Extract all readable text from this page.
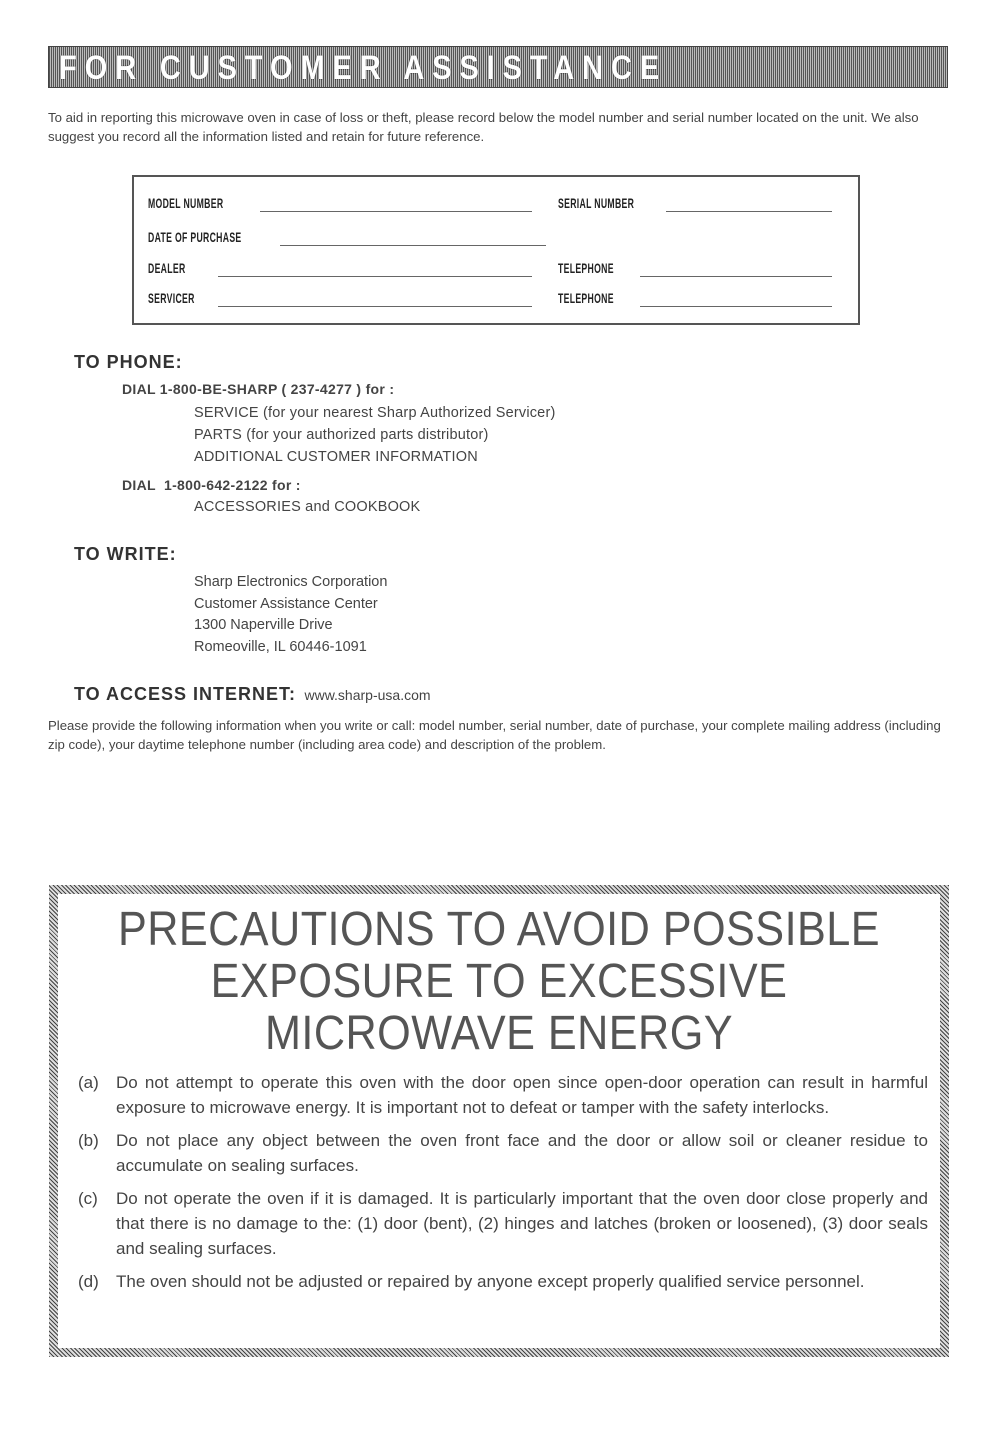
FOR CUSTOMER ASSISTANCE
To aid in reporting this microwave oven in case of loss or theft, please record below the model number and serial number located on the unit. We also suggest you record all the information listed and retain for future reference.
MODEL NUMBER	SERIAL NUMBER
DATE OF PURCHASE
DEALER	TELEPHONE
SERVICER	TELEPHONE
TO PHONE:
DIAL 1-800-BE-SHARP ( 237-4277 ) for :
SERVICE (for your nearest Sharp Authorized Servicer)
PARTS (for your authorized parts distributor)
ADDITIONAL CUSTOMER INFORMATION
DIAL  1-800-642-2122 for :
ACCESSORIES and COOKBOOK
TO WRITE:
Sharp Electronics Corporation
Customer Assistance Center
1300 Naperville Drive
Romeoville, IL 60446-1091
TO ACCESS INTERNET: www.sharp-usa.com
Please provide the following information when you write or call: model number, serial number, date of purchase, your complete mailing address (including zip code), your daytime telephone number (including area code) and description of the problem.
PRECAUTIONS TO AVOID POSSIBLE
EXPOSURE TO EXCESSIVE
MICROWAVE ENERGY
(a)	Do not attempt to operate this oven with the door open since open-door operation can result in harmful exposure to microwave energy. It is important not to defeat or tamper with the safety interlocks.
(b)	Do not place any object between the oven front face and the door or allow soil or cleaner residue to accumulate on sealing surfaces.
(c)	Do not operate the oven if it is damaged. It is particularly important that the oven door close properly and that there is no damage to the: (1) door (bent), (2) hinges and latches (broken or loosened), (3) door seals and sealing surfaces.
(d)	The oven should not be adjusted or repaired by anyone except properly qualified service personnel.
